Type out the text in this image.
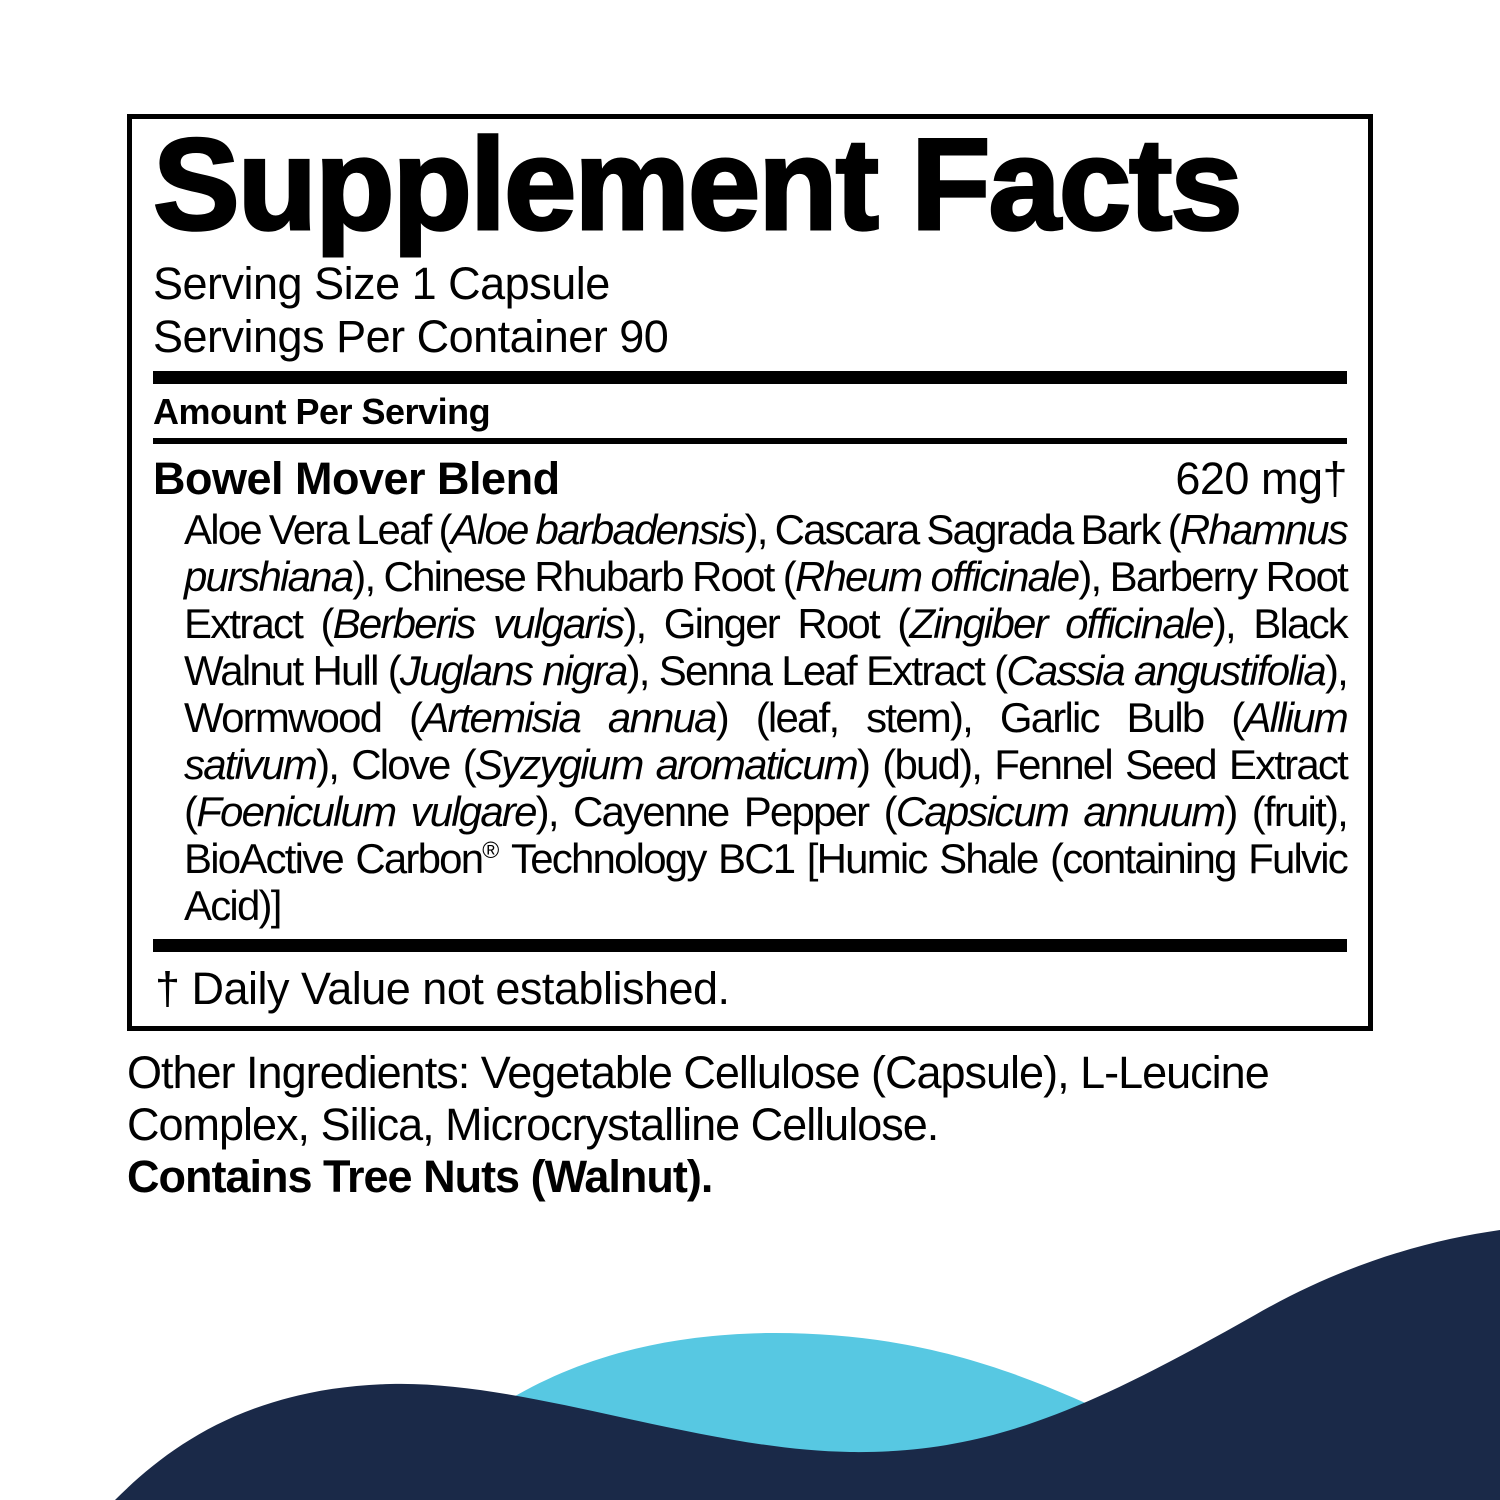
Supplement Facts
Serving Size 1 Capsule
Servings Per Container 90
Amount Per Serving
Bowel Mover Blend	620 mg†

Aloe Vera Leaf (Aloe barbadensis), Cascara Sagrada Bark (Rhamnus purshiana), Chinese Rhubarb Root (Rheum officinale), Barberry Root Extract (Berberis vulgaris), Ginger Root (Zingiber officinale), Black Walnut Hull (Juglans nigra), Senna Leaf Extract (Cassia angustifolia), Wormwood (Artemisia annua) (leaf, stem), Garlic Bulb (Allium sativum), Clove (Syzygium aromaticum) (bud), Fennel Seed Extract (Foeniculum vulgare), Cayenne Pepper (Capsicum annuum) (fruit), BioActive Carbon® Technology BC1 [Humic Shale (containing Fulvic Acid)]

† Daily Value not established.

Other Ingredients: Vegetable Cellulose (Capsule), L-Leucine Complex, Silica, Microcrystalline Cellulose.

Contains Tree Nuts (Walnut).
